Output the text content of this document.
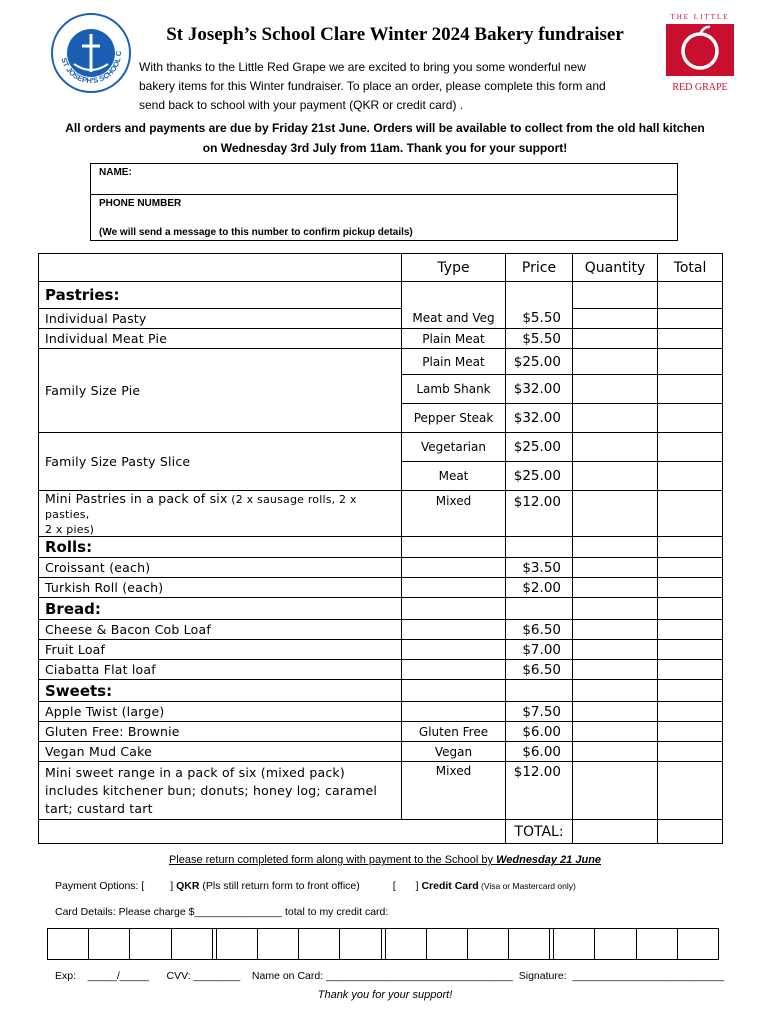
ST JOSEPH'S SCHOOL C
THE LITTLE
RED GRAPE
St Joseph’s School Clare Winter 2024 Bakery fundraiser
With thanks to the Little Red Grape we are excited to bring you some wonderful new
bakery items for this Winter fundraiser. To place an order, please complete this form and
send back to school with your payment (QKR or credit card) .
All orders and payments are due by Friday 21st June. Orders will be available to collect from the old hall kitchen
on Wednesday 3rd July from 11am. Thank you for your support!
NAME:
PHONE NUMBER
(We will send a message to this number to confirm pickup details)
	Type	Price	Quantity	Total
Pastries:				
Individual Pasty	Meat and Veg	$5.50		
Individual Meat Pie	Plain Meat	$5.50		
Family Size Pie	Plain Meat	$25.00		
	Lamb Shank	$32.00		
	Pepper Steak	$32.00		
Family Size Pasty Slice	Vegetarian	$25.00		
	Meat	$25.00		
Mini Pastries in a pack of six (2 x sausage rolls, 2 x pasties,
2 x pies)	Mixed	$12.00		
Rolls:				
Croissant (each)		$3.50		
Turkish Roll (each)		$2.00		
Bread:				
Cheese & Bacon Cob Loaf		$6.50		
Fruit Loaf		$7.00		
Ciabatta Flat loaf		$6.50		
Sweets:				
Apple Twist (large)		$7.50		
Gluten Free: Brownie	Gluten Free	$6.00		
Vegan Mud Cake	Vegan	$6.00		
Mini sweet range in a pack of six (mixed pack)
includes kitchener bun; donuts; honey log; caramel
tart; custard tart	Mixed	$12.00		
		TOTAL:		
Please return completed form along with payment to the School by Wednesday 21 June
Payment Options: [ ] QKR (Pls still return form to front office)	[ ] Credit Card (Visa or Mastercard only)
Card Details: Please charge $_______________ total to my credit card:
Exp:    _____/_____      CVV: ________    Name on Card: ________________________________  Signature:  __________________________
Thank you for your support!
